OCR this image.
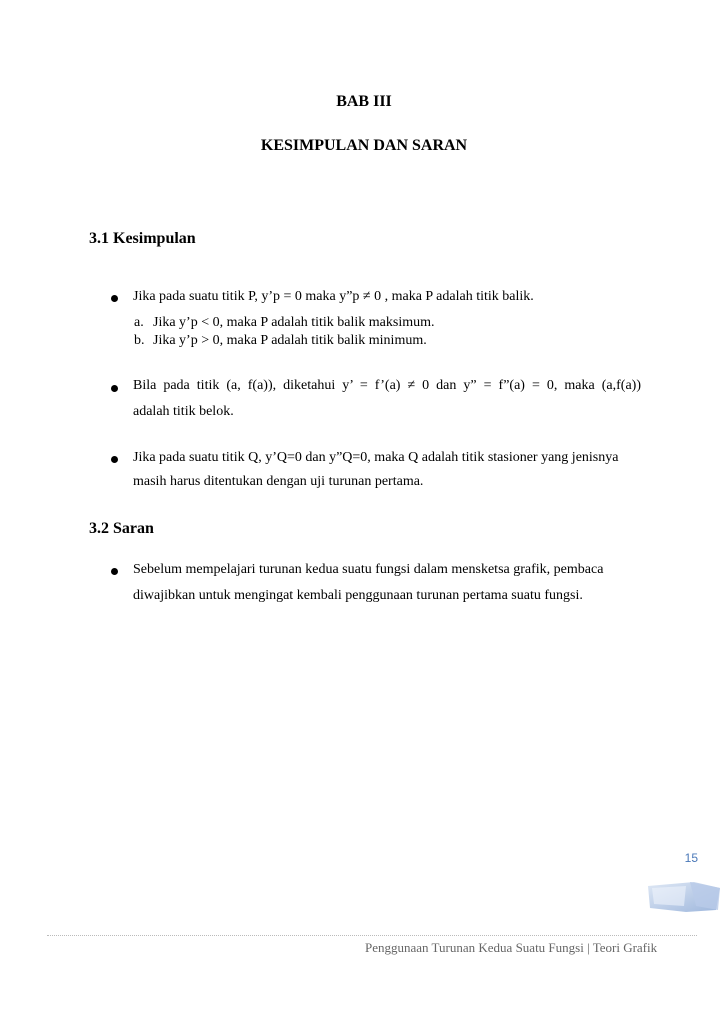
BAB III
KESIMPULAN DAN SARAN
3.1 Kesimpulan
Jika pada suatu titik P, y’p = 0 maka y”p ≠ 0 , maka P adalah titik balik.
a. Jika y’p < 0, maka P adalah titik balik maksimum.
b. Jika y’p > 0, maka P adalah titik balik minimum.
Bila pada titik (a, f(a)), diketahui y’ = f’(a) ≠ 0 dan y” = f”(a) = 0, maka (a,f(a))
adalah titik belok.
Jika pada suatu titik Q, y’Q=0 dan y”Q=0, maka Q adalah titik stasioner yang jenisnya
masih harus ditentukan dengan uji turunan pertama.
3.2 Saran
Sebelum mempelajari turunan kedua suatu fungsi dalam mensketsa grafik, pembaca
diwajibkan untuk mengingat kembali penggunaan turunan pertama suatu fungsi.
15
Penggunaan Turunan Kedua Suatu Fungsi | Teori Grafik
